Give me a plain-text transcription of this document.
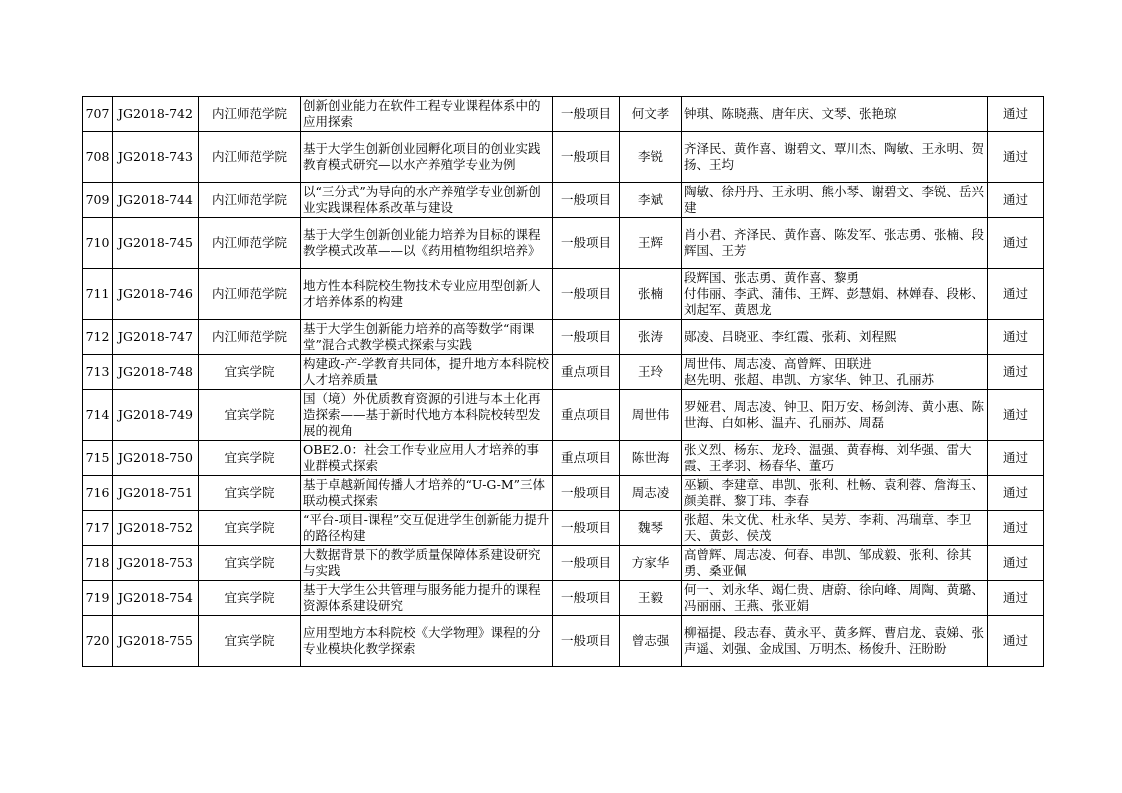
707	JG2018-742	内江师范学院	创新创业能力在软件工程专业课程体系中的应用探索	一般项目	何文孝	钟琪、陈晓燕、唐年庆、文琴、张艳琼	通过
708	JG2018-743	内江师范学院	基于大学生创新创业园孵化项目的创业实践教育模式研究—以水产养殖学专业为例	一般项目	李锐	齐泽民、黄作喜、谢碧文、覃川杰、陶敏、王永明、贺扬、王均	通过
709	JG2018-744	内江师范学院	以“三分式”为导向的水产养殖学专业创新创业实践课程体系改革与建设	一般项目	李斌	陶敏、徐丹丹、王永明、熊小琴、谢碧文、李锐、岳兴建	通过
710	JG2018-745	内江师范学院	基于大学生创新创业能力培养为目标的课程教学模式改革——以《药用植物组织培养》	一般项目	王辉	肖小君、齐泽民、黄作喜、陈发军、张志勇、张楠、段辉国、王芳	通过
711	JG2018-746	内江师范学院	地方性本科院校生物技术专业应用型创新人才培养体系的构建	一般项目	张楠	段辉国、张志勇、黄作喜、黎勇
付伟丽、李武、蒲伟、王辉、彭慧娟、林婵春、段彬、刘起军、黄恩龙	通过
712	JG2018-747	内江师范学院	基于大学生创新能力培养的高等数学“雨课堂”混合式教学模式探索与实践	一般项目	张涛	郧凌、吕晓亚、李红霞、张莉、刘程熙	通过
713	JG2018-748	宜宾学院	构建政-产-学教育共同体，提升地方本科院校人才培养质量	重点项目	王玲	周世伟、周志凌、高曾辉、田联进
赵先明、张超、串凯、方家华、钟卫、孔丽苏	通过
714	JG2018-749	宜宾学院	国（境）外优质教育资源的引进与本土化再造探索——基于新时代地方本科院校转型发展的视角	重点项目	周世伟	罗娅君、周志凌、钟卫、阳万安、杨剑涛、黄小惠、陈世海、白如彬、温卉、孔丽苏、周磊	通过
715	JG2018-750	宜宾学院	OBE2.0：社会工作专业应用人才培养的事业群模式探索	重点项目	陈世海	张义烈、杨东、龙玲、温强、黄春梅、刘华强、雷大霞、王孝羽、杨春华、董巧	通过
716	JG2018-751	宜宾学院	基于卓越新闻传播人才培养的“U-G-M”三体联动模式探索	一般项目	周志凌	巫颖、李建章、串凯、张利、杜畅、袁利蓉、詹海玉、颜美群、黎丁玮、李春	通过
717	JG2018-752	宜宾学院	“平台-项目-课程”交互促进学生创新能力提升的路径构建	一般项目	魏琴	张超、朱文优、杜永华、吴芳、李莉、冯瑞章、李卫天、黄彭、侯茂	通过
718	JG2018-753	宜宾学院	大数据背景下的教学质量保障体系建设研究与实践	一般项目	方家华	高曾辉、周志凌、何春、串凯、邹成毅、张利、徐其勇、桑亚佩	通过
719	JG2018-754	宜宾学院	基于大学生公共管理与服务能力提升的课程资源体系建设研究	一般项目	王毅	何一、刘永华、竭仁贵、唐蔚、徐向峰、周陶、黄璐、冯丽丽、王燕、张亚娟	通过
720	JG2018-755	宜宾学院	应用型地方本科院校《大学物理》课程的分专业模块化教学探索	一般项目	曾志强	柳福提、段志春、黄永平、黄多辉、曹启龙、袁娣、张声遥、刘强、金成国、万明杰、杨俊升、汪盼盼	通过
